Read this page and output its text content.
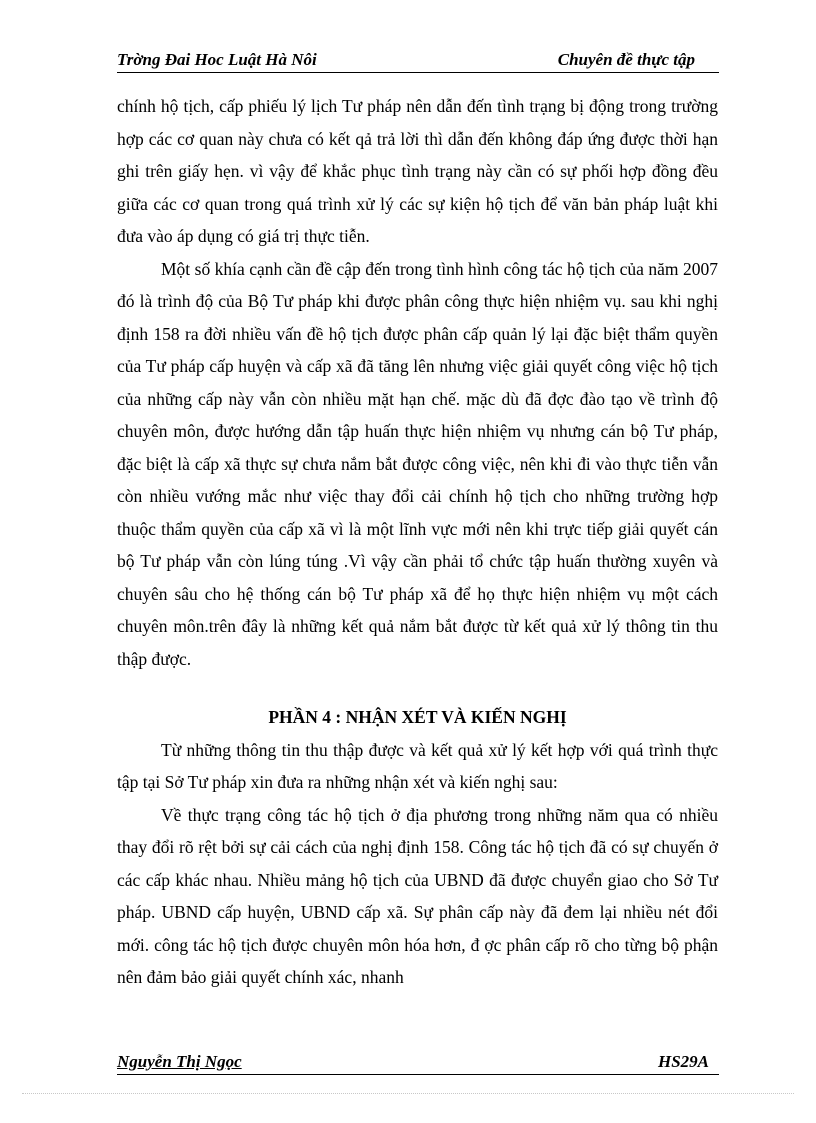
Trờng Đai Hoc Luật Hà Nôi	Chuyên đề thực tập

chính hộ tịch, cấp phiếu lý lịch Tư pháp nên dẫn đến tình trạng bị động trong trường hợp các cơ quan này chưa có kết qả trả lời thì dẫn đến không đáp ứng được thời hạn ghi trên giấy hẹn. vì vậy để khắc phục tình trạng này cần có sự phối hợp đồng đều giữa các cơ quan trong quá trình xử lý các sự kiện hộ tịch để văn bản pháp luật khi đưa vào áp dụng có giá trị thực tiễn.

Một số khía cạnh cần đề cập đến trong tình hình công tác hộ tịch của năm 2007 đó là trình độ của Bộ Tư pháp khi được phân công thực hiện nhiệm vụ. sau khi nghị định 158 ra đời nhiều vấn đề hộ tịch được phân cấp quản lý lại đặc biệt thẩm quyền của Tư pháp cấp huyện và cấp xã đã tăng lên nhưng việc giải quyết công việc hộ tịch của những cấp này vẫn còn nhiều mặt hạn chế. mặc dù đã đợc đào tạo về trình độ chuyên môn, được hướng dẫn tập huấn thực hiện nhiệm vụ nhưng cán bộ Tư pháp, đặc biệt là cấp xã thực sự chưa nắm bắt được công việc, nên khi đi vào thực tiễn vẫn còn nhiều vướng mắc như việc thay đổi cải chính hộ tịch cho những trường hợp thuộc thẩm quyền của cấp xã vì là một lĩnh vực mới nên khi trực tiếp giải quyết cán bộ Tư pháp vẫn còn lúng túng .Vì vậy cần phải tổ chức tập huấn thường xuyên và chuyên sâu cho hệ thống cán bộ Tư pháp xã để họ thực hiện nhiệm vụ một cách chuyên môn.trên đây là những kết quả nắm bắt được từ kết quả xử lý thông tin thu thập được.

PHẦN 4 : NHẬN XÉT VÀ KIẾN NGHỊ

Từ những thông tin thu thập được và kết quả xử lý kết hợp với quá trình thực tập tại Sở Tư pháp xin đưa ra những nhận xét và kiến nghị sau:

Về thực trạng công tác hộ tịch ở địa phương trong những năm qua có nhiều thay đổi rõ rệt bởi sự cải cách của nghị định 158. Công tác hộ tịch đã có sự chuyến ở các cấp khác nhau. Nhiều mảng hộ tịch của UBND đã được chuyển giao cho Sở Tư pháp. UBND cấp huyện, UBND cấp xã. Sự phân cấp này đã đem lại nhiều nét đổi mới. công tác hộ tịch được chuyên môn hóa hơn, đ ợc phân cấp rõ cho từng bộ phận nên đảm bảo giải quyết chính xác, nhanh

Nguyễn Thị Ngọc	HS29A
